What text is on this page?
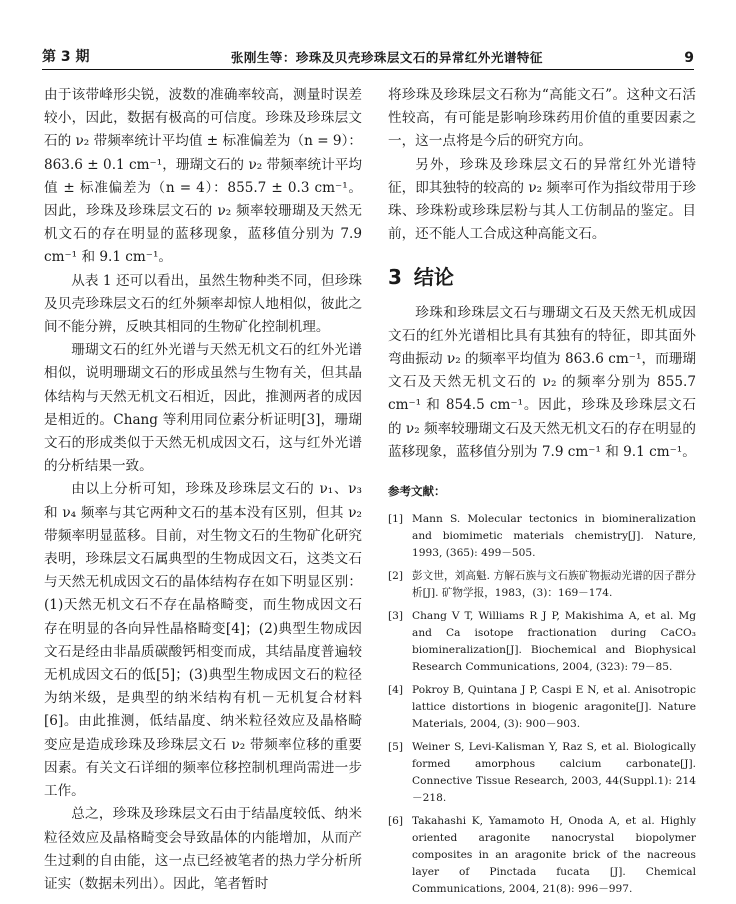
第 3 期	张刚生等：珍珠及贝壳珍珠层文石的异常红外光谱特征	9

由于该带峰形尖锐，波数的准确率较高，测量时误差较小，因此，数据有极高的可信度。珍珠及珍珠层文石的 ν₂ 带频率统计平均值 ± 标准偏差为（n = 9）：863.6 ± 0.1 cm⁻¹，珊瑚文石的 ν₂ 带频率统计平均值 ± 标准偏差为（n = 4）：855.7 ± 0.3 cm⁻¹。因此，珍珠及珍珠层文石的 ν₂ 频率较珊瑚及天然无机文石的存在明显的蓝移现象，蓝移值分别为 7.9 cm⁻¹ 和 9.1 cm⁻¹。

从表 1 还可以看出，虽然生物种类不同，但珍珠及贝壳珍珠层文石的红外频率却惊人地相似，彼此之间不能分辨，反映其相同的生物矿化控制机理。

珊瑚文石的红外光谱与天然无机文石的红外光谱相似，说明珊瑚文石的形成虽然与生物有关，但其晶体结构与天然无机文石相近，因此，推测两者的成因是相近的。Chang 等利用同位素分析证明[3]，珊瑚文石的形成类似于天然无机成因文石，这与红外光谱的分析结果一致。

由以上分析可知，珍珠及珍珠层文石的 ν₁、ν₃ 和 ν₄ 频率与其它两种文石的基本没有区别，但其 ν₂ 带频率明显蓝移。目前，对生物文石的生物矿化研究表明，珍珠层文石属典型的生物成因文石，这类文石与天然无机成因文石的晶体结构存在如下明显区别：(1)天然无机文石不存在晶格畸变，而生物成因文石存在明显的各向异性晶格畸变[4]；(2)典型生物成因文石是经由非晶质碳酸钙相变而成，其结晶度普遍较无机成因文石的低[5]；(3)典型生物成因文石的粒径为纳米级，是典型的纳米结构有机－无机复合材料[6]。由此推测，低结晶度、纳米粒径效应及晶格畸变应是造成珍珠及珍珠层文石 ν₂ 带频率位移的重要因素。有关文石详细的频率位移控制机理尚需进一步工作。

总之，珍珠及珍珠层文石由于结晶度较低、纳米粒径效应及晶格畸变会导致晶体的内能增加，从而产生过剩的自由能，这一点已经被笔者的热力学分析所证实（数据未列出）。因此，笔者暂时

将珍珠及珍珠层文石称为“高能文石”。这种文石活性较高，有可能是影响珍珠药用价值的重要因素之一，这一点将是今后的研究方向。

另外，珍珠及珍珠层文石的异常红外光谱特征，即其独特的较高的 ν₂ 频率可作为指纹带用于珍珠、珍珠粉或珍珠层粉与其人工仿制品的鉴定。目前，还不能人工合成这种高能文石。

3 结论

珍珠和珍珠层文石与珊瑚文石及天然无机成因文石的红外光谱相比具有其独有的特征，即其面外弯曲振动 ν₂ 的频率平均值为 863.6 cm⁻¹，而珊瑚文石及天然无机文石的 ν₂ 的频率分别为 855.7 cm⁻¹ 和 854.5 cm⁻¹。因此，珍珠及珍珠层文石的 ν₂ 频率较珊瑚文石及天然无机文石的存在明显的蓝移现象，蓝移值分别为 7.9 cm⁻¹ 和 9.1 cm⁻¹。

参考文献：
[1] Mann S. Molecular tectonics in biomineralization and biomimetic materials chemistry[J]. Nature, 1993, (365): 499－505.
[2] 彭文世，刘高魁. 方解石族与文石族矿物振动光谱的因子群分析[J]. 矿物学报，1983，(3)：169－174.
[3] Chang V T, Williams R J P, Makishima A, et al. Mg and Ca isotope fractionation during CaCO₃ biomineralization[J]. Biochemical and Biophysical Research Communications, 2004, (323): 79－85.
[4] Pokroy B, Quintana J P, Caspi E N, et al. Anisotropic lattice distortions in biogenic aragonite[J]. Nature Materials, 2004, (3): 900－903.
[5] Weiner S, Levi-Kalisman Y, Raz S, et al. Biologically formed amorphous calcium carbonate[J]. Connective Tissue Research, 2003, 44(Suppl.1): 214－218.
[6] Takahashi K, Yamamoto H, Onoda A, et al. Highly oriented aragonite nanocrystal biopolymer composites in an aragonite brick of the nacreous layer of Pinctada fucata [J]. Chemical Communications, 2004, 21(8): 996－997.
